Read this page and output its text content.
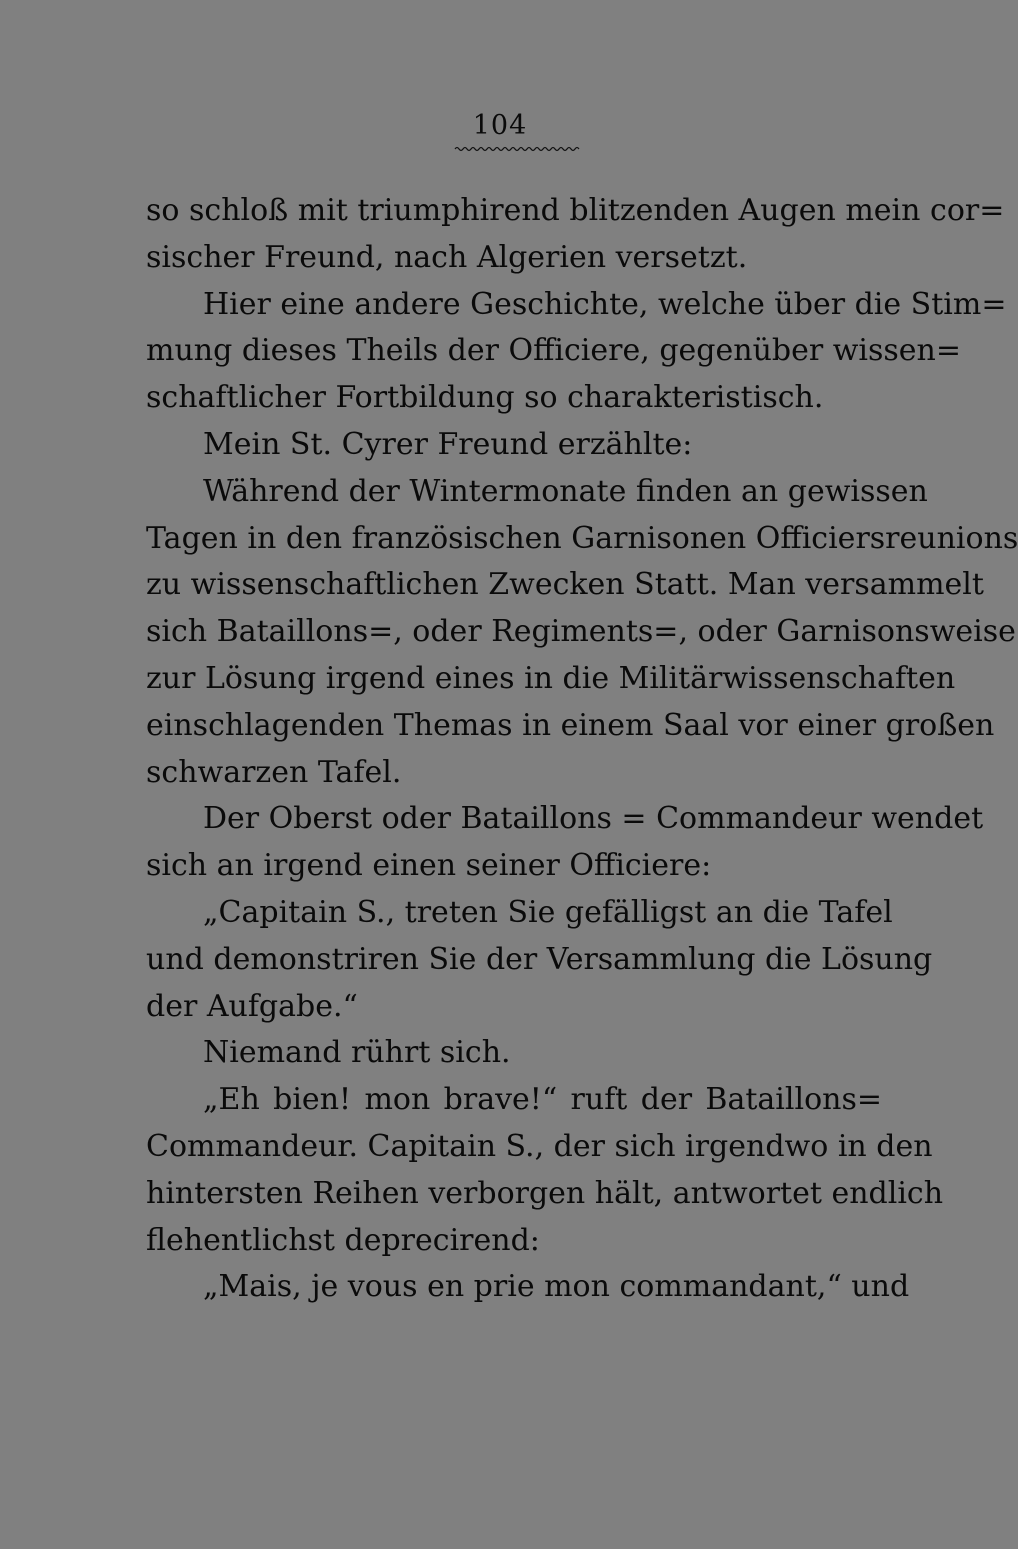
104
so schloß mit triumphirend blitzenden Augen mein cor=
sischer Freund, nach Algerien versetzt.
Hier eine andere Geschichte, welche über die Stim=
mung dieses Theils der Officiere, gegenüber wissen=
schaftlicher Fortbildung so charakteristisch.
Mein St. Cyrer Freund erzählte:
Während der Wintermonate finden an gewissen
Tagen in den französischen Garnisonen Officiersreunions
zu wissenschaftlichen Zwecken Statt. Man versammelt
sich Bataillons=, oder Regiments=, oder Garnisonsweise
zur Lösung irgend eines in die Militärwissenschaften
einschlagenden Themas in einem Saal vor einer großen
schwarzen Tafel.
Der Oberst oder Bataillons = Commandeur wendet
sich an irgend einen seiner Officiere:
„Capitain S., treten Sie gefälligst an die Tafel
und demonstriren Sie der Versammlung die Lösung
der Aufgabe.“
Niemand rührt sich.
„Eh bien! mon brave!“ ruft der Bataillons=
Commandeur. Capitain S., der sich irgendwo in den
hintersten Reihen verborgen hält, antwortet endlich
flehentlichst deprecirend:
„Mais, je vous en prie mon commandant,“ und
